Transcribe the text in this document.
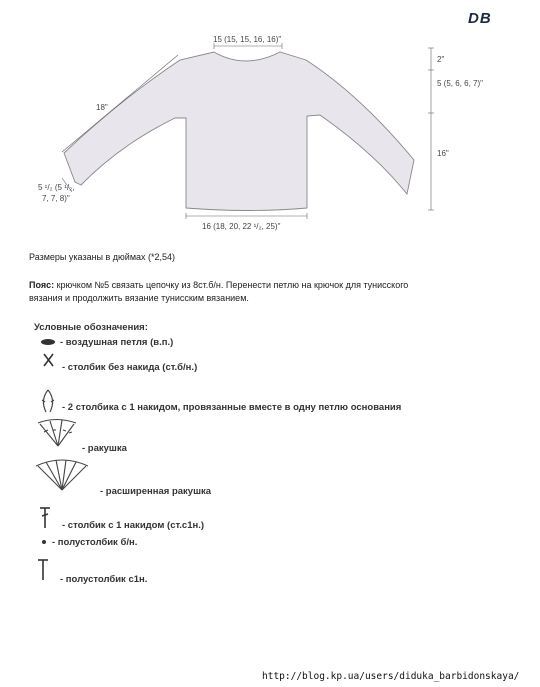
DB
15 (15, 15, 16, 16)"
18"
5 ¹/₂ (5 ¹/₂,
7, 7, 8)"
16 (18, 20, 22 ¹/₂, 25)"
2"
5 (5, 6, 6, 7)"
16"
Размеры указаны в дюймах (*2,54)
Пояс: крючком №5 связать цепочку из 8ст.б/н. Перенести петлю на крючок для тунисского
вязания и продолжить вязание тунисским вязанием.
Условные обозначения:
- воздушная петля (в.п.)
- столбик без накида (ст.б/н.)
- 2 столбика с 1 накидом, провязанные вместе в одну петлю основания
- ракушка
- расширенная ракушка
- столбик с 1 накидом (ст.с1н.)
- полустолбик б/н.
- полустолбик с1н.
http://blog.kp.ua/users/diduka_barbidonskaya/
